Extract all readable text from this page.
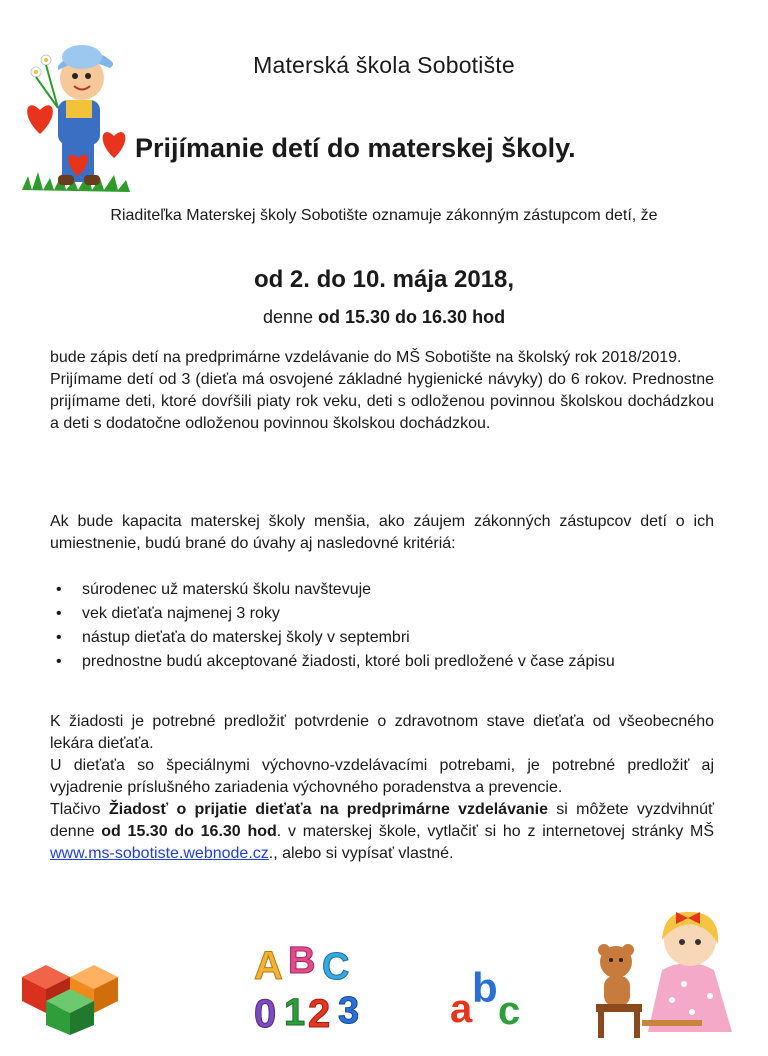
Materská škola Sobotište
Prijímanie detí do materskej školy.
Riaditeľka Materskej školy Sobotište oznamuje zákonným zástupcom detí, že
od 2. do 10. mája 2018,
denne od 15.30 do 16.30 hod

bude zápis detí na predprimárne vzdelávanie do MŠ Sobotište na školský rok 2018/2019.

Prijímame detí od 3 (dieťa má osvojené základné hygienické návyky) do 6 rokov. Prednostne prijímame deti, ktoré dovŕšili piaty rok veku, deti s odloženou povinnou školskou dochádzkou a deti s dodatočne odloženou povinnou školskou dochádzkou.

Ak bude kapacita materskej školy menšia, ako záujem zákonných zástupcov detí o ich umiestnenie, budú brané do úvahy aj nasledovné kritériá:
• súrodenec už materskú školu navštevuje
• vek dieťaťa najmenej 3 roky
• nástup dieťaťa do materskej školy v septembri
• prednostne budú akceptované žiadosti, ktoré boli predložené v čase zápisu

K žiadosti je potrebné predložiť potvrdenie o zdravotnom stave dieťaťa od všeobecného lekára dieťaťa.

U dieťaťa so špeciálnymi výchovno-vzdelávacími potrebami, je potrebné predložiť aj vyjadrenie príslušného zariadenia výchovného poradenstva a prevencie.

Tlačivo Žiadosť o prijatie dieťaťa na predprimárne vzdelávanie si môžete vyzdvihnúť denne od 15.30 do 16.30 hod. v materskej škole, vytlačiť si ho z internetovej stránky MŠ www.ms-sobotiste.webnode.cz., alebo si vypísať vlastné.

A B C
0 1 2 3 a b c
